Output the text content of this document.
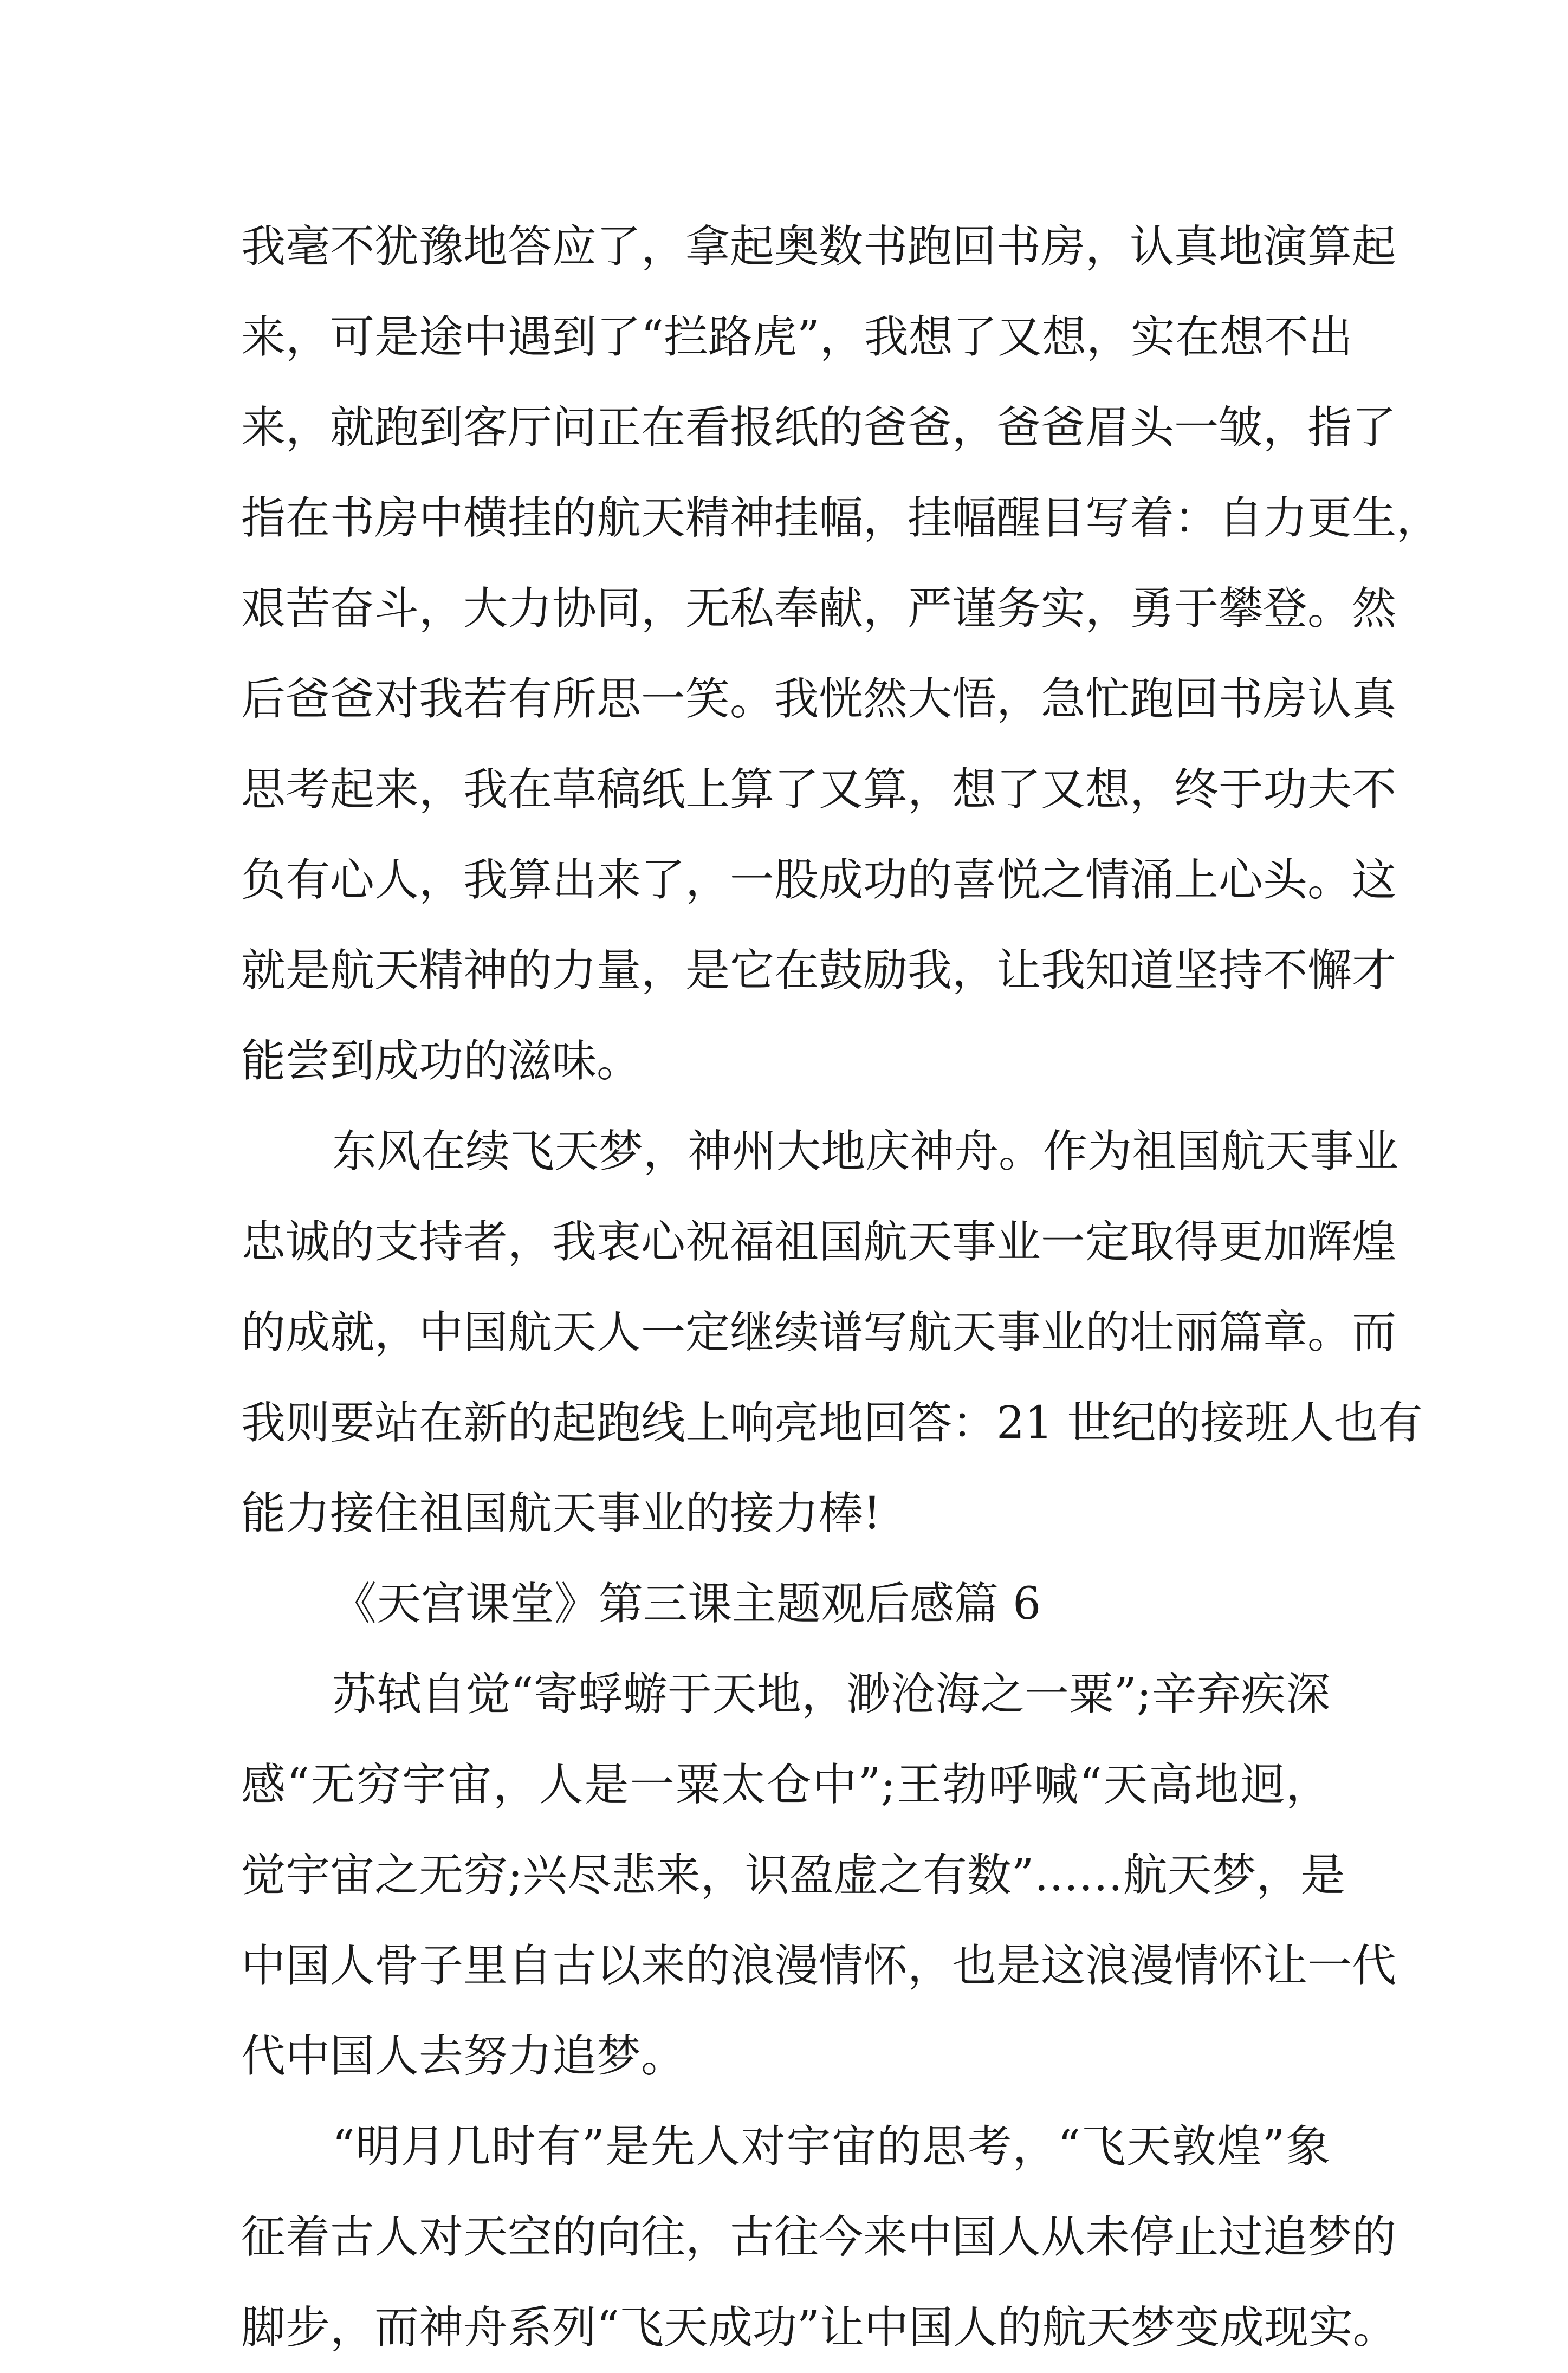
我毫不犹豫地答应了，拿起奥数书跑回书房，认真地演算起
来，可是途中遇到了“拦路虎”，我想了又想，实在想不出
来，就跑到客厅问正在看报纸的爸爸，爸爸眉头一皱，指了
指在书房中横挂的航天精神挂幅，挂幅醒目写着：自力更生，
艰苦奋斗，大力协同，无私奉献，严谨务实，勇于攀登。然
后爸爸对我若有所思一笑。我恍然大悟，急忙跑回书房认真
思考起来，我在草稿纸上算了又算，想了又想，终于功夫不
负有心人，我算出来了，一股成功的喜悦之情涌上心头。这
就是航天精神的力量，是它在鼓励我，让我知道坚持不懈才
能尝到成功的滋味。
东风在续飞天梦，神州大地庆神舟。作为祖国航天事业
忠诚的支持者，我衷心祝福祖国航天事业一定取得更加辉煌
的成就，中国航天人一定继续谱写航天事业的壮丽篇章。而
我则要站在新的起跑线上响亮地回答：21 世纪的接班人也有
能力接住祖国航天事业的接力棒!
《天宫课堂》第三课主题观后感篇 6
苏轼自觉“寄蜉蝣于天地，渺沧海之一粟”;辛弃疾深
感“无穷宇宙，人是一粟太仓中”;王勃呼喊“天高地迥，
觉宇宙之无穷;兴尽悲来，识盈虚之有数”……航天梦，是
中国人骨子里自古以来的浪漫情怀，也是这浪漫情怀让一代
代中国人去努力追梦。
“明月几时有”是先人对宇宙的思考，“飞天敦煌”象
征着古人对天空的向往，古往今来中国人从未停止过追梦的
脚步，而神舟系列“飞天成功”让中国人的航天梦变成现实。
